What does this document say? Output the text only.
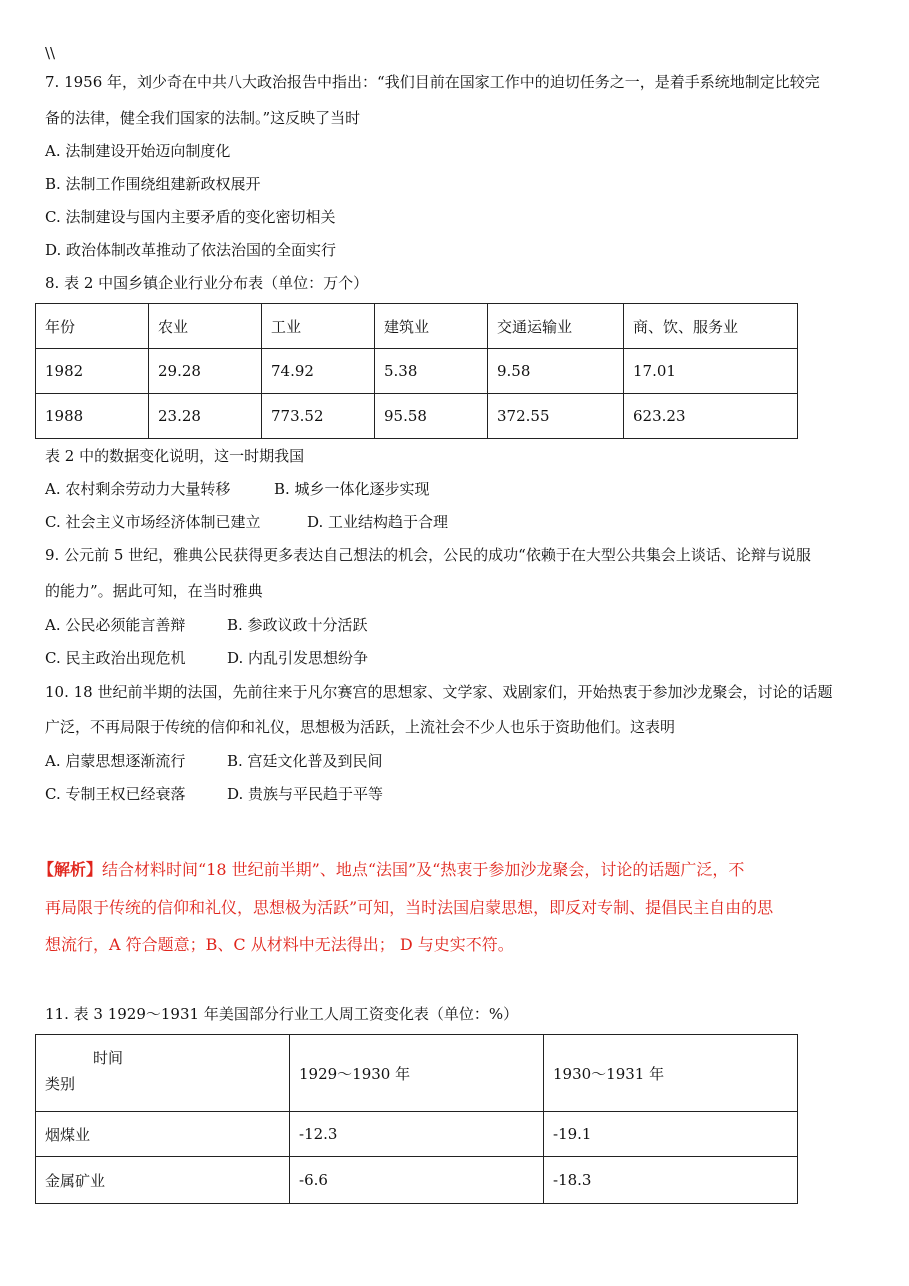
\\
7. 1956 年，刘少奇在中共八大政治报告中指出：“我们目前在国家工作中的迫切任务之一，是着手系统地制定比较完
备的法律，健全我们国家的法制。”这反映了当时
A. 法制建设开始迈向制度化
B. 法制工作围绕组建新政权展开
C. 法制建设与国内主要矛盾的变化密切相关
D. 政治体制改革推动了依法治国的全面实行
8. 表 2 中国乡镇企业行业分布表（单位：万个）
年份	农业	工业	建筑业	交通运输业	商、饮、服务业
1982	29.28	74.92	5.38	9.58	17.01
1988	23.28	773.52	95.58	372.55	623.23
表 2 中的数据变化说明，这一时期我国
A. 农村剩余劳动力大量转移	B. 城乡一体化逐步实现
C. 社会主义市场经济体制已建立	D. 工业结构趋于合理
9. 公元前 5 世纪，雅典公民获得更多表达自己想法的机会，公民的成功“依赖于在大型公共集会上谈话、论辩与说服
的能力”。据此可知，在当时雅典
A. 公民必须能言善辩	B. 参政议政十分活跃
C. 民主政治出现危机	D. 内乱引发思想纷争
10. 18 世纪前半期的法国，先前往来于凡尔赛宫的思想家、文学家、戏剧家们，开始热衷于参加沙龙聚会，讨论的话题
广泛，不再局限于传统的信仰和礼仪，思想极为活跃，上流社会不少人也乐于资助他们。这表明
A. 启蒙思想逐渐流行	B. 宫廷文化普及到民间
C. 专制王权已经衰落	D. 贵族与平民趋于平等
【解析】结合材料时间“18 世纪前半期”、地点“法国”及“热衷于参加沙龙聚会，讨论的话题广泛，不
再局限于传统的信仰和礼仪，思想极为活跃”可知，当时法国启蒙思想，即反对专制、提倡民主自由的思
想流行，A 符合题意；B、C 从材料中无法得出； D 与史实不符。
11. 表 3 1929～1931 年美国部分行业工人周工资变化表（单位：%）
时间
类别	1929～1930 年	1930～1931 年
烟煤业	-12.3	-19.1
金属矿业	-6.6	-18.3
